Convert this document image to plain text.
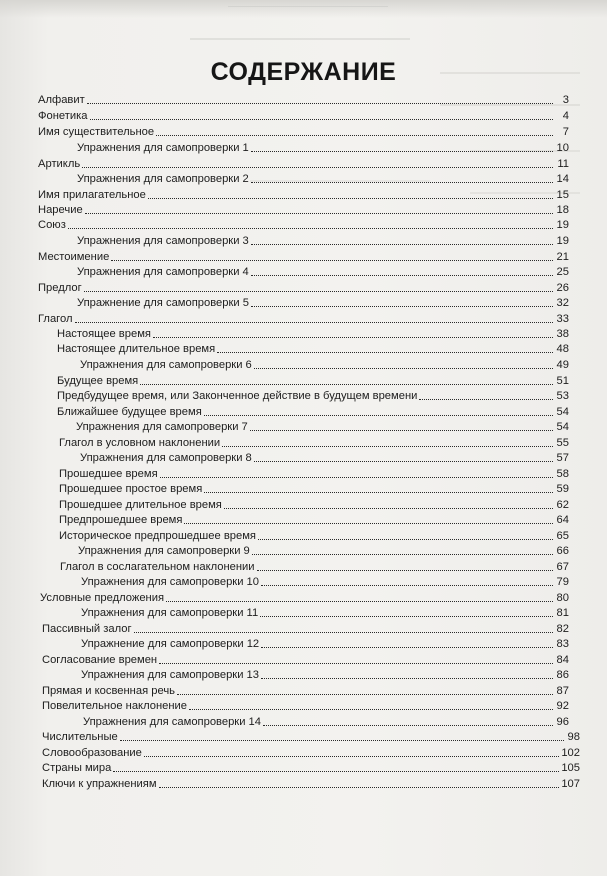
СОДЕРЖАНИЕ
Алфавит	3
Фонетика	4
Имя существительное	7
Упражнения для самопроверки 1	10
Артикль	11
Упражнения для самопроверки 2	14
Имя прилагательное	15
Наречие	18
Союз	19
Упражнения для самопроверки 3	19
Местоимение	21
Упражнения для самопроверки 4	25
Предлог	26
Упражнение для самопроверки 5	32
Глагол	33
Настоящее время	38
Настоящее длительное время	48
Упражнения для самопроверки 6	49
Будущее время	51
Предбудущее время, или Законченное действие в будущем времени	53
Ближайшее будущее время	54
Упражнения для самопроверки 7	54
Глагол в условном наклонении	55
Упражнения для самопроверки 8	57
Прошедшее время	58
Прошедшее простое время	59
Прошедшее длительное время	62
Предпрошедшее время	64
Историческое предпрошедшее время	65
Упражнения для самопроверки 9	66
Глагол в сослагательном наклонении	67
Упражнения для самопроверки 10	79
Условные предложения	80
Упражнения для самопроверки 11	81
Пассивный залог	82
Упражнение для самопроверки 12	83
Согласование времен	84
Упражнения для самопроверки 13	86
Прямая и косвенная речь	87
Повелительное наклонение	92
Упражнения для самопроверки 14	96
Числительные	98
Словообразование	102
Страны мира	105
Ключи к упражнениям	107
